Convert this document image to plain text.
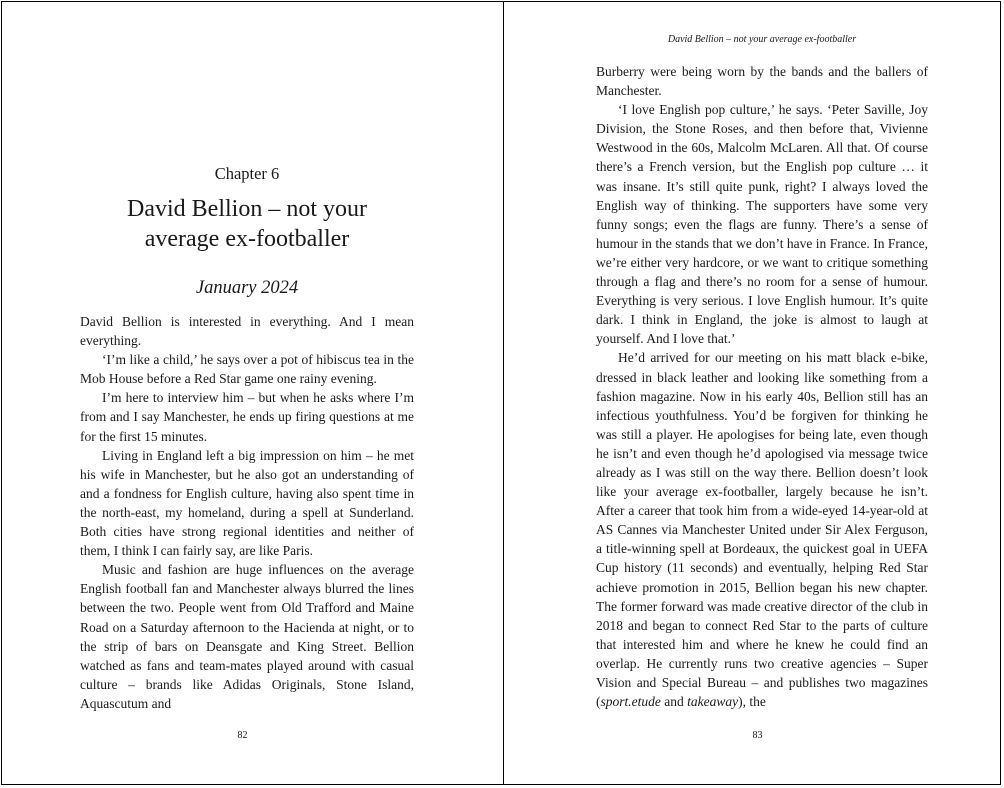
Chapter 6
David Bellion – not your
average ex-footballer
January 2024

David Bellion is interested in everything. And I mean everything.

‘I’m like a child,’ he says over a pot of hibiscus tea in the Mob House before a Red Star game one rainy evening.

I’m here to interview him – but when he asks where I’m from and I say Manchester, he ends up firing questions at me for the first 15 minutes.

Living in England left a big impression on him – he met his wife in Manchester, but he also got an understanding of and a fondness for English culture, having also spent time in the north-east, my homeland, during a spell at Sunderland. Both cities have strong regional identities and neither of them, I think I can fairly say, are like Paris.

Music and fashion are huge influences on the average English football fan and Manchester always blurred the lines between the two. People went from Old Trafford and Maine Road on a Saturday afternoon to the Hacienda at night, or to the strip of bars on Deansgate and King Street. Bellion watched as fans and team-mates played around with casual culture – brands like Adidas Originals, Stone Island, Aquascutum and

82
David Bellion – not your average ex-footballer

Burberry were being worn by the bands and the ballers of Manchester.

‘I love English pop culture,’ he says. ‘Peter Saville, Joy Division, the Stone Roses, and then before that, Vivienne Westwood in the 60s, Malcolm McLaren. All that. Of course there’s a French version, but the English pop culture … it was insane. It’s still quite punk, right? I always loved the English way of thinking. The supporters have some very funny songs; even the flags are funny. There’s a sense of humour in the stands that we don’t have in France. In France, we’re either very hardcore, or we want to critique something through a flag and there’s no room for a sense of humour. Everything is very serious. I love English humour. It’s quite dark. I think in England, the joke is almost to laugh at yourself. And I love that.’

He’d arrived for our meeting on his matt black e-bike, dressed in black leather and looking like something from a fashion magazine. Now in his early 40s, Bellion still has an infectious youthfulness. You’d be forgiven for thinking he was still a player. He apologises for being late, even though he isn’t and even though he’d apologised via message twice already as I was still on the way there. Bellion doesn’t look like your average ex-footballer, largely because he isn’t. After a career that took him from a wide-eyed 14-year-old at AS Cannes via Manchester United under Sir Alex Ferguson, a title-winning spell at Bordeaux, the quickest goal in UEFA Cup history (11 seconds) and eventually, helping Red Star achieve promotion in 2015, Bellion began his new chapter. The former forward was made creative director of the club in 2018 and began to connect Red Star to the parts of culture that interested him and where he knew he could find an overlap. He currently runs two creative agencies – Super Vision and Special Bureau – and publishes two magazines (sport.etude and takeaway), the

83
